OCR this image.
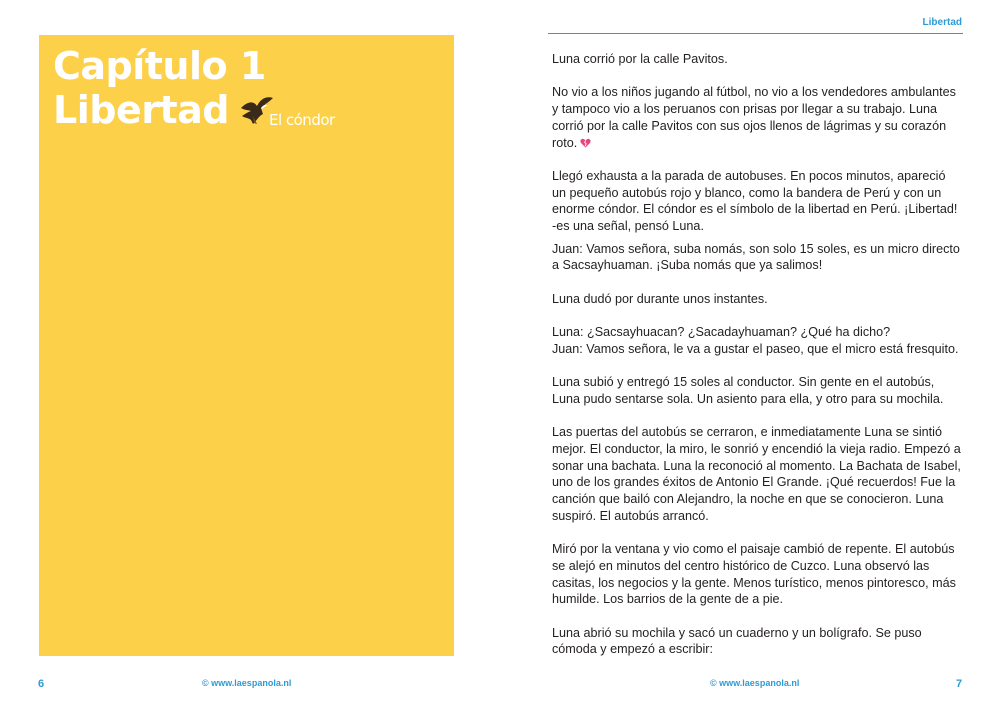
Capítulo 1
Libertad	El cóndor
© www.laespanola.nl
6
Libertad

Luna corrió por la calle Pavitos.

No vio a los niños jugando al fútbol, no vio a los vendedores ambulantes y tampoco vio a los peruanos con prisas por llegar a su trabajo. Luna corrió por la calle Pavitos con sus ojos llenos de lágrimas y su corazón roto.

Llegó exhausta a la parada de autobuses. En pocos minutos, apareció un pequeño autobús rojo y blanco, como la bandera de Perú y con un enorme cóndor. El cóndor es el símbolo de la libertad en Perú. ¡Libertad! -es una señal, pensó Luna.

Juan: Vamos señora, suba nomás, son solo 15 soles, es un micro directo a Sacsayhuaman. ¡Suba nomás que ya salimos!

Luna dudó por durante unos instantes.

Luna: ¿Sacsayhuacan? ¿Sacadayhuaman? ¿Qué ha dicho?
Juan: Vamos señora, le va a gustar el paseo, que el micro está fresquito.

Luna subió y entregó 15 soles al conductor. Sin gente en el autobús, Luna pudo sentarse sola. Un asiento para ella, y otro para su mochila.

Las puertas del autobús se cerraron, e inmediatamente Luna se sintió mejor. El conductor, la miro, le sonrió y encendió la vieja radio. Empezó a sonar una bachata. Luna la reconoció al momento. La Bachata de Isabel, uno de los grandes éxitos de Antonio El Grande. ¡Qué recuerdos! Fue la canción que bailó con Alejandro, la noche en que se conocieron. Luna suspiró. El autobús arrancó.

Miró por la ventana y vio como el paisaje cambió de repente. El autobús se alejó en minutos del centro histórico de Cuzco. Luna observó las casitas, los negocios y la gente. Menos turístico, menos pintoresco, más humilde. Los barrios de la gente de a pie.

Luna abrió su mochila y sacó un cuaderno y un bolígrafo. Se puso cómoda y empezó a escribir:

© www.laespanola.nl	7
